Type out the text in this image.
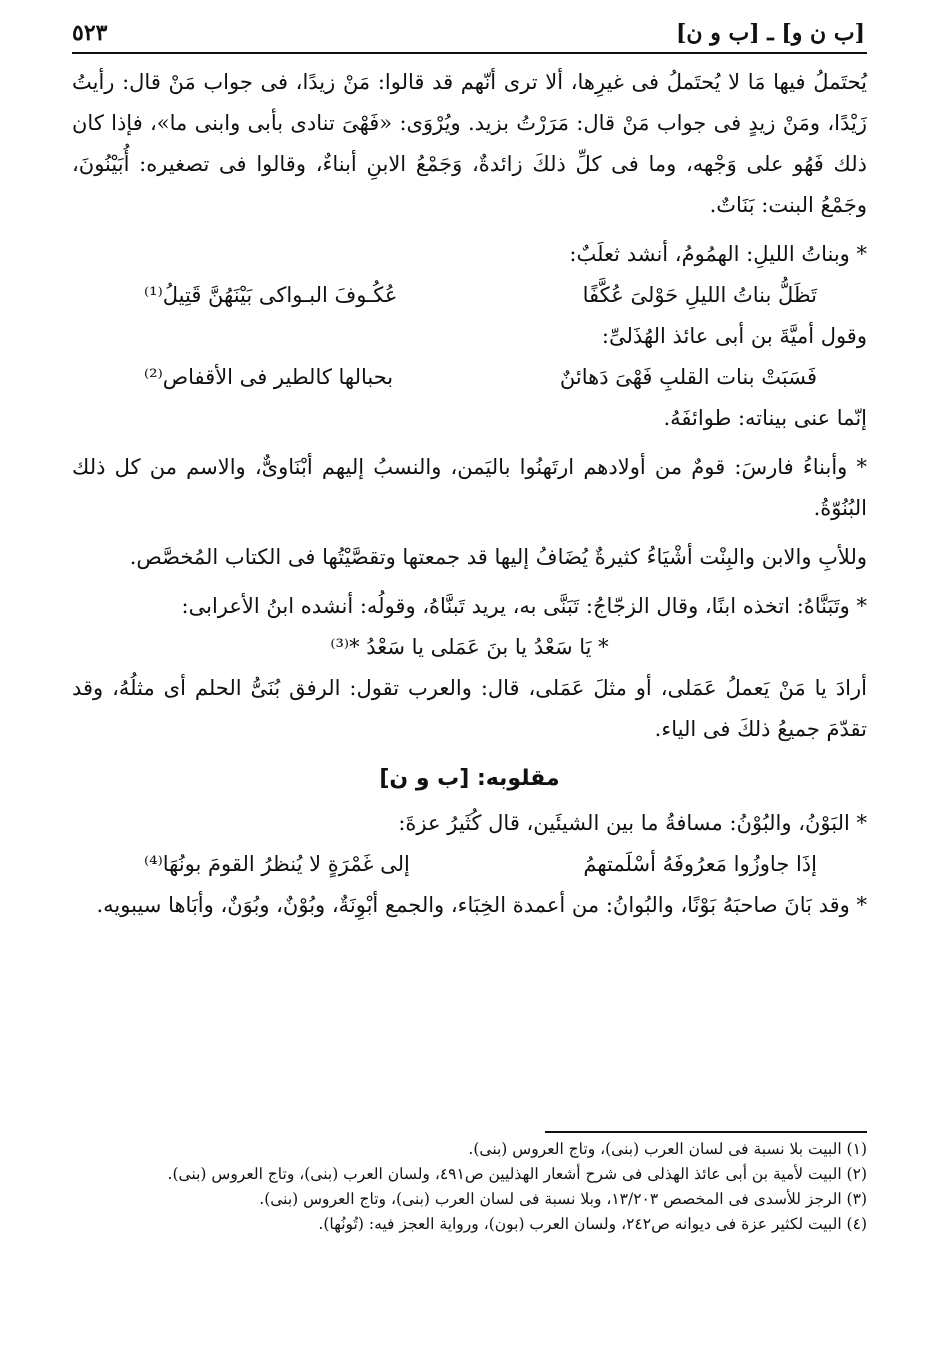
[ب ن و] ـ [ب و ن]
٥٢٣

يُحتَملُ فيها مَا لا يُحتَملُ فى غيرِها، ألا ترى أنّهم قد قالوا: مَنْ زيدًا، فى جواب مَنْ قال: رأيتُ زَيْدًا، ومَنْ زيدٍ فى جواب مَنْ قال: مَرَرْتُ بزيد. ويُرْوَى: «فَهْىَ تنادى بأبى وابنى ما»، فإذا كان ذلك فَهُو على وَجْهه، وما فى كلِّ ذلكَ زائدةٌ، وَجَمْعُ الابنِ أبناءٌ، وقالوا فى تصغيره: أُبَيْنُونَ، وجَمْعُ البنت: بَنَاتٌ.

* وبناتُ الليلِ: الهمُومُ، أنشد ثعلَبٌ:

تَظَلُّ بناتُ الليلِ حَوْلىَ عُكَّفًا
عُكُـوفَ البـواكى بَيْنَهُنَّ قَتِيلُ⁽¹⁾

وقول أميَّةَ بن أبى عائذ الهُذَلىِّ:

فَسَبَتْ بنات القلبِ فَهْىَ دَهائنٌ
بحبالها كالطير فى الأقفاص⁽²⁾

إنّما عنى بيناته: طوائفَهُ.

* وأبناءُ فارسَ: قومٌ من أولادهم ارتَهنُوا باليَمن، والنسبُ إليهم أبْنَاوىٌّ، والاسم من كل ذلك البُنُوّةُ.

وللأبِ والابن والبِنْت أشْيَاءُ كثيرةٌ يُضَافُ إليها قد جمعتها وتقصَّيْتُها فى الكتاب المُخصَّص.

* وتَبَنَّاهُ: اتخذه ابنًا، وقال الزجّاجُ: تَبَنَّى به، يريد تَبنَّاهُ، وقولُه: أنشده ابنُ الأعرابى:

* يَا سَعْدُ يا بنَ عَمَلى يا سَعْدُ *⁽³⁾

أرادَ يا مَنْ يَعملُ عَمَلى، أو مثلَ عَمَلى، قال: والعرب تقول: الرفق بُنَىُّ الحلم أى مثلُهُ، وقد تقدّمَ جميعُ ذلكَ فى الياء.

مقلوبه: [ب و ن]

* البَوْنُ، والبُوْنُ: مسافةُ ما بين الشيئَين، قال كُثَيرُ عزةَ:

إذَا جاوزُوا مَعرُوفَهُ أسْلَمتهمُ
إلى غَمْرَةٍ لا يُنظرُ القومَ بونُهَا⁽⁴⁾

* وقد بَانَ صاحبَهُ بَوْنًا، والبُوانُ: من أعمدة الخِبَاء، والجمع أبْوِنَةٌ، وبُوْنٌ، وبُوَنٌ، وأبَاها سيبويه.

(١) البيت بلا نسبة فى لسان العرب (بنى)، وتاج العروس (بنى).
(٢) البيت لأمية بن أبى عائذ الهذلى فى شرح أشعار الهذليين ص٤٩١، ولسان العرب (بنى)، وتاج العروس (بنى).
(٣) الرجز للأسدى فى المخصص ١٣/٢٠٣، وبلا نسبة فى لسان العرب (بنى)، وتاج العروس (بنى).
(٤) البيت لكثير عزة فى ديوانه ص٢٤٢، ولسان العرب (بون)، ورواية العجز فيه: (تُونُها).
